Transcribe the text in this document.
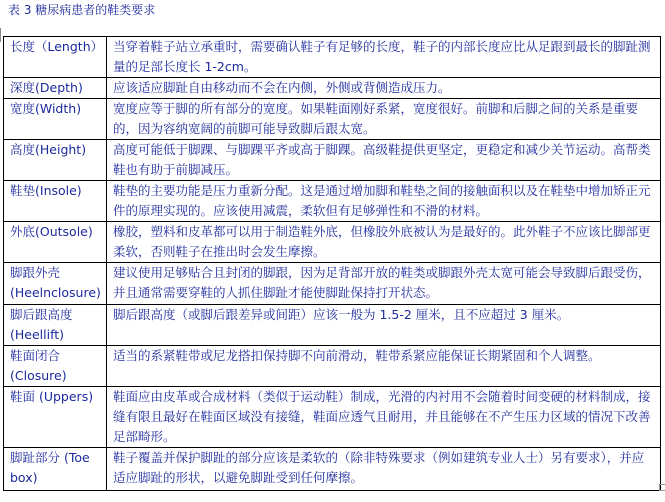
表 3 糖尿病患者的鞋类要求
长度（Length）	当穿着鞋子站立承重时，需要确认鞋子有足够的长度，鞋子的内部长度应比从足跟到最长的脚趾测量的足部长度长 1-2cm。
深度(Depth)	应该适应脚趾自由移动而不会在内侧，外侧或背侧造成压力。
宽度(Width)	宽度应等于脚的所有部分的宽度。如果鞋面刚好系紧，宽度很好。前脚和后脚之间的关系是重要的，因为容纳宽阔的前脚可能导致脚后跟太宽。
高度(Height)	高度可能低于脚踝、与脚踝平齐或高于脚踝。高级鞋提供更坚定，更稳定和减少关节运动。高帮类鞋也有助于前脚减压。
鞋垫(Insole)	鞋垫的主要功能是压力重新分配。这是通过增加脚和鞋垫之间的接触面积以及在鞋垫中增加矫正元件的原理实现的。应该使用减震，柔软但有足够弹性和不滑的材料。
外底(Outsole)	橡胶，塑料和皮革都可以用于制造鞋外底，但橡胶外底被认为是最好的。此外鞋子不应该比脚部更柔软，否则鞋子在推出时会发生摩擦。
脚跟外壳 (Heelnclosure)	建议使用足够贴合且封闭的脚跟，因为足背部开放的鞋类或脚跟外壳太宽可能会导致脚后跟受伤，并且通常需要穿鞋的人抓住脚趾才能使脚趾保持打开状态。
脚后跟高度 (Heellift)	脚后跟高度（或脚后跟差异或间距）应该一般为 1.5-2 厘米，且不应超过 3 厘米。
鞋面闭合 (Closure)	适当的系紧鞋带或尼龙搭扣保持脚不向前滑动，鞋带系紧应能保证长期紧固和个人调整。
鞋面 (Uppers)	鞋面应由皮革或合成材料（类似于运动鞋）制成，光滑的内衬用不会随着时间变硬的材料制成，接缝有限且最好在鞋面区域没有接缝，鞋面应透气且耐用，并且能够在不产生压力区域的情况下改善足部畸形。
脚趾部分 (Toe box)	鞋子覆盖并保护脚趾的部分应该是柔软的（除非特殊要求（例如建筑专业人士）另有要求），并应适应脚趾的形状，以避免脚趾受到任何摩擦。
